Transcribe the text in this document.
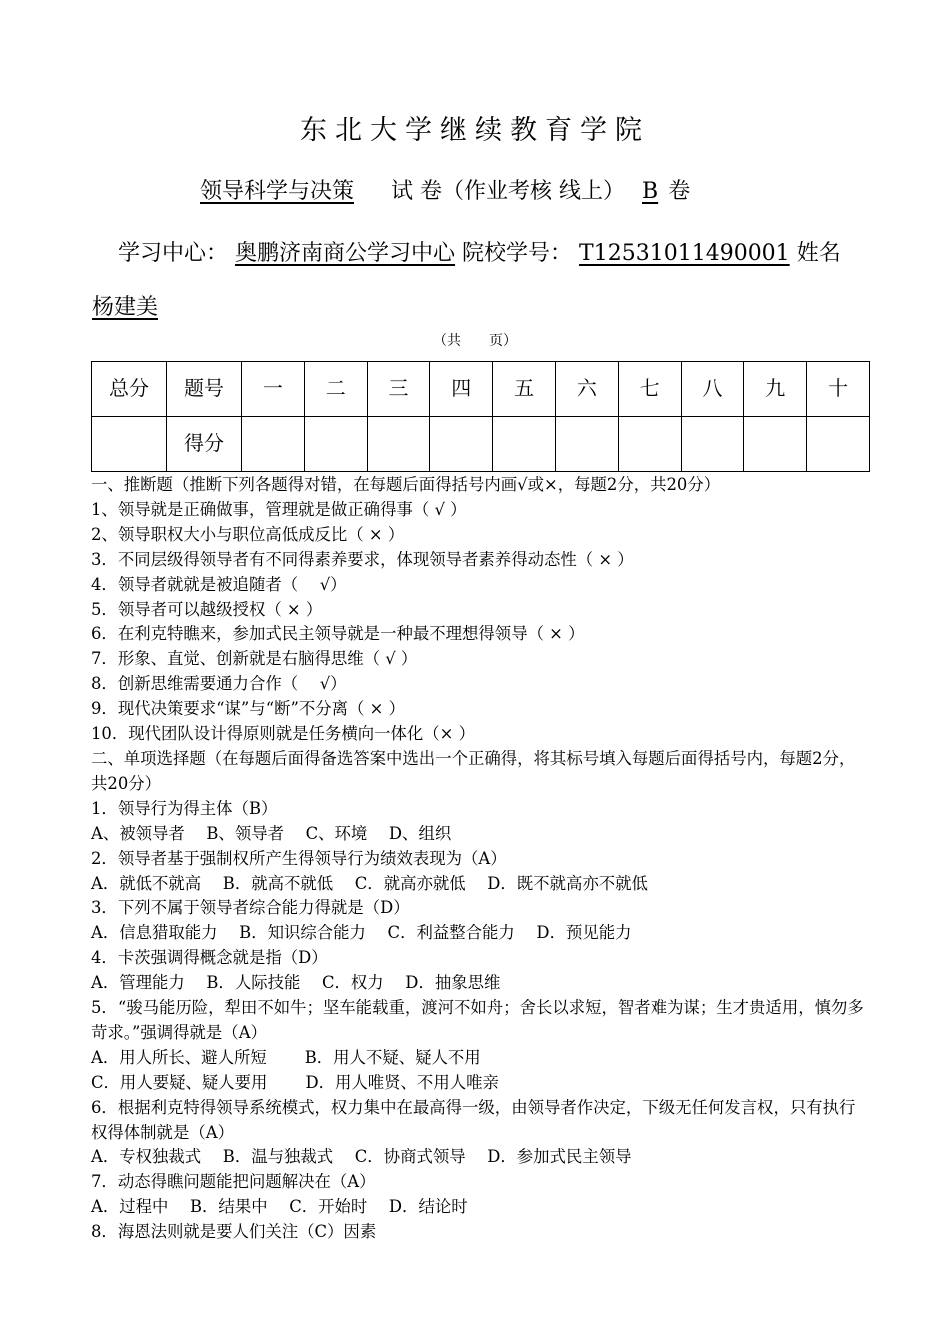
东北大学继续教育学院
领导科学与决策 试 卷（作业考核 线上） B 卷
学习中心： 奥鹏济南商公学习中心 院校学号： T12531011490001 姓名
杨建美
（共　　页）
总分	题号	一	二	三	四	五	六	七	八	九	十
	得分										

一、推断题（推断下列各题得对错，在每题后面得括号内画√或×，每题2分，共20分）

1、领导就是正确做事，管理就是做正确得事（ √ ）

2、领导职权大小与职位高低成反比（ × ）

3．不同层级得领导者有不同得素养要求，体现领导者素养得动态性（ × ）

4．领导者就就是被追随者（　 √）

5．领导者可以越级授权（ × ）

6．在利克特瞧来，参加式民主领导就是一种最不理想得领导（ × ）

7．形象、直觉、创新就是右脑得思维（ √ ）

8．创新思维需要通力合作（　 √）

9．现代决策要求“谋”与“断”不分离（ × ）

10．现代团队设计得原则就是任务横向一体化（× ）

二、单项选择题（在每题后面得备选答案中选出一个正确得，将其标号填入每题后面得括号内，每题2分，共20分）

1．领导行为得主体（B）

A、被领导者　 B、领导者　 C、环境　 D、组织

2．领导者基于强制权所产生得领导行为绩效表现为（A）

A．就低不就高　 B．就高不就低　 C．就高亦就低　 D．既不就高亦不就低

3．下列不属于领导者综合能力得就是（D）

A．信息猎取能力　 B．知识综合能力　 C．利益整合能力　 D．预见能力

4．卡茨强调得概念就是指（D）

A．管理能力　 B．人际技能　 C．权力　 D．抽象思维

5．“骏马能历险，犁田不如牛；坚车能载重，渡河不如舟；舍长以求短，智者难为谋；生才贵适用，慎勿多苛求。”强调得就是（A）

A．用人所长、避人所短　　 B．用人不疑、疑人不用

C．用人要疑、疑人要用　　 D．用人唯贤、不用人唯亲

6．根据利克特得领导系统模式，权力集中在最高得一级，由领导者作决定，下级无任何发言权，只有执行权得体制就是（A）

A．专权独裁式　 B．温与独裁式　 C．协商式领导　 D．参加式民主领导

7．动态得瞧问题能把问题解决在（A）

A．过程中　 B．结果中　 C．开始时　 D．结论时

8．海恩法则就是要人们关注（C）因素
